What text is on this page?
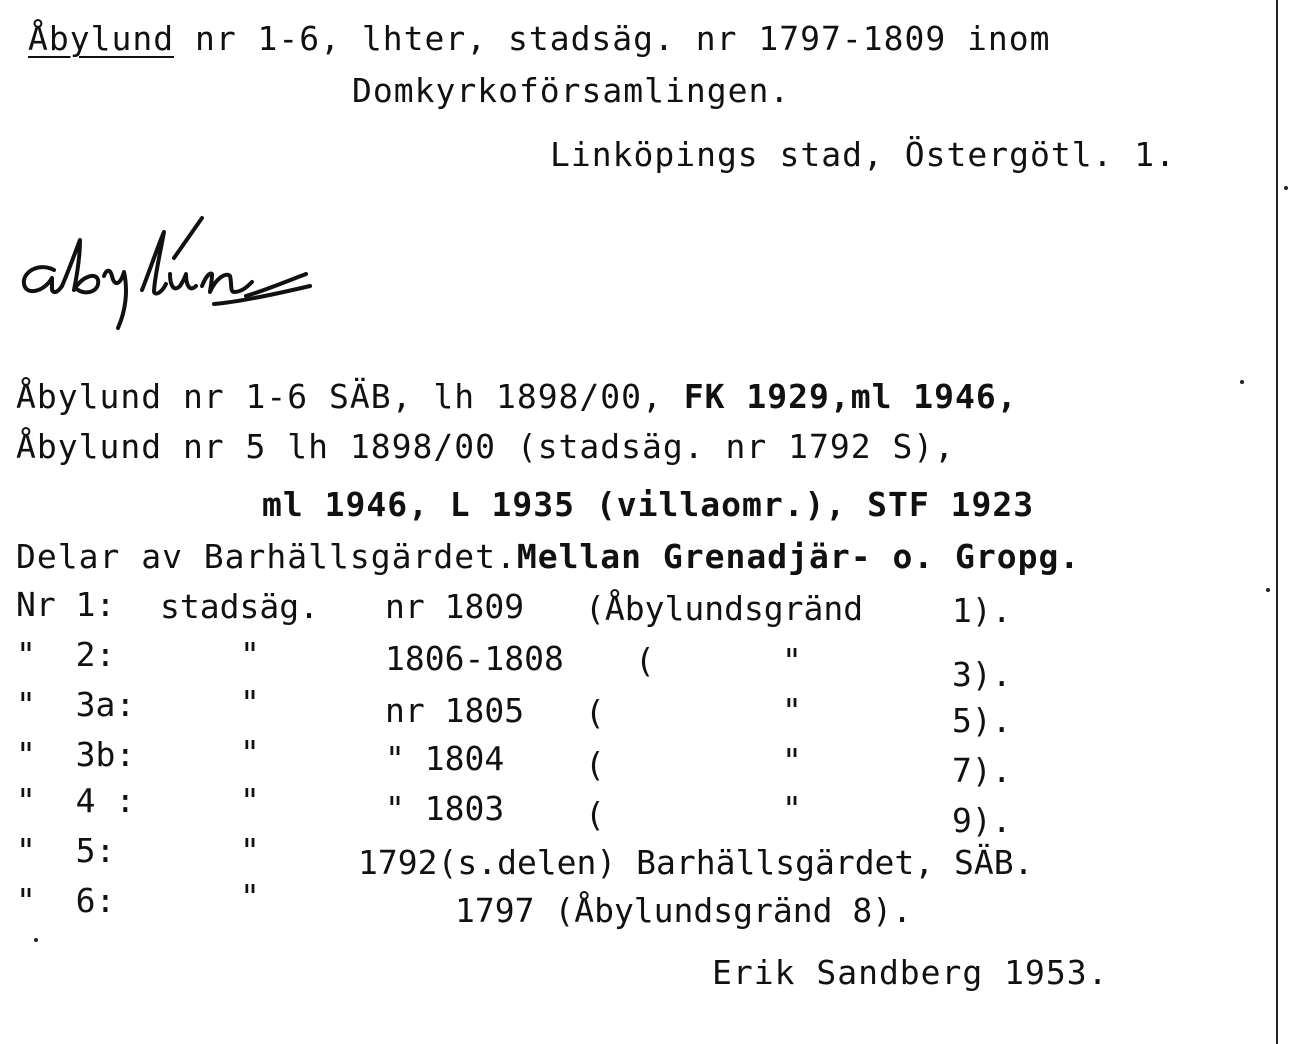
Åbylund nr 1-6, lhter, stadsäg. nr 1797-1809 inom
Domkyrkoförsamlingen.
Linköpings stad, Östergötl. 1.
Åbylund nr 1-6 SÄB, lh 1898/00, FK 1929,ml 1946,
Åbylund nr 5 lh 1898/00 (stadsäg. nr 1792 S),
ml 1946, L 1935 (villaomr.), STF 1923
Delar av Barhällsgärdet.Mellan Grenadjär- o. Gropg.
Nr 1: stadsäg. nr 1809 (Åbylundsgränd	1).
"  2:	"	1806-1808 (	"	3).
"  3a:	"	nr 1805 (	"	5).
"  3b:	"	" 1804 (	"	7).
"  4 :	"	" 1803 (	"	9).
"  5:	"	1792(s.delen) Barhällsgärdet, SÄB.
"  6:	"	1797 (Åbylundsgränd 8).
Erik Sandberg 1953.
